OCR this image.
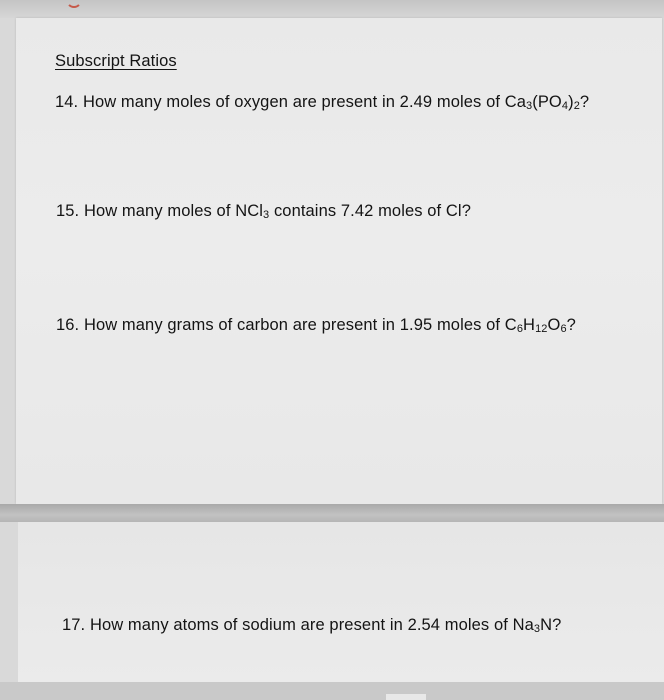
Subscript Ratios
14. How many moles of oxygen are present in 2.49 moles of $Ca_3(PO_4)_2$?
15. How many moles of NCl$_3$ contains 7.42 moles of Cl?
16. How many grams of carbon are present in 1.95 moles of $C_6H_{12}O_6$?
17. How many atoms of sodium are present in 2.54 moles of $Na_3N$?
